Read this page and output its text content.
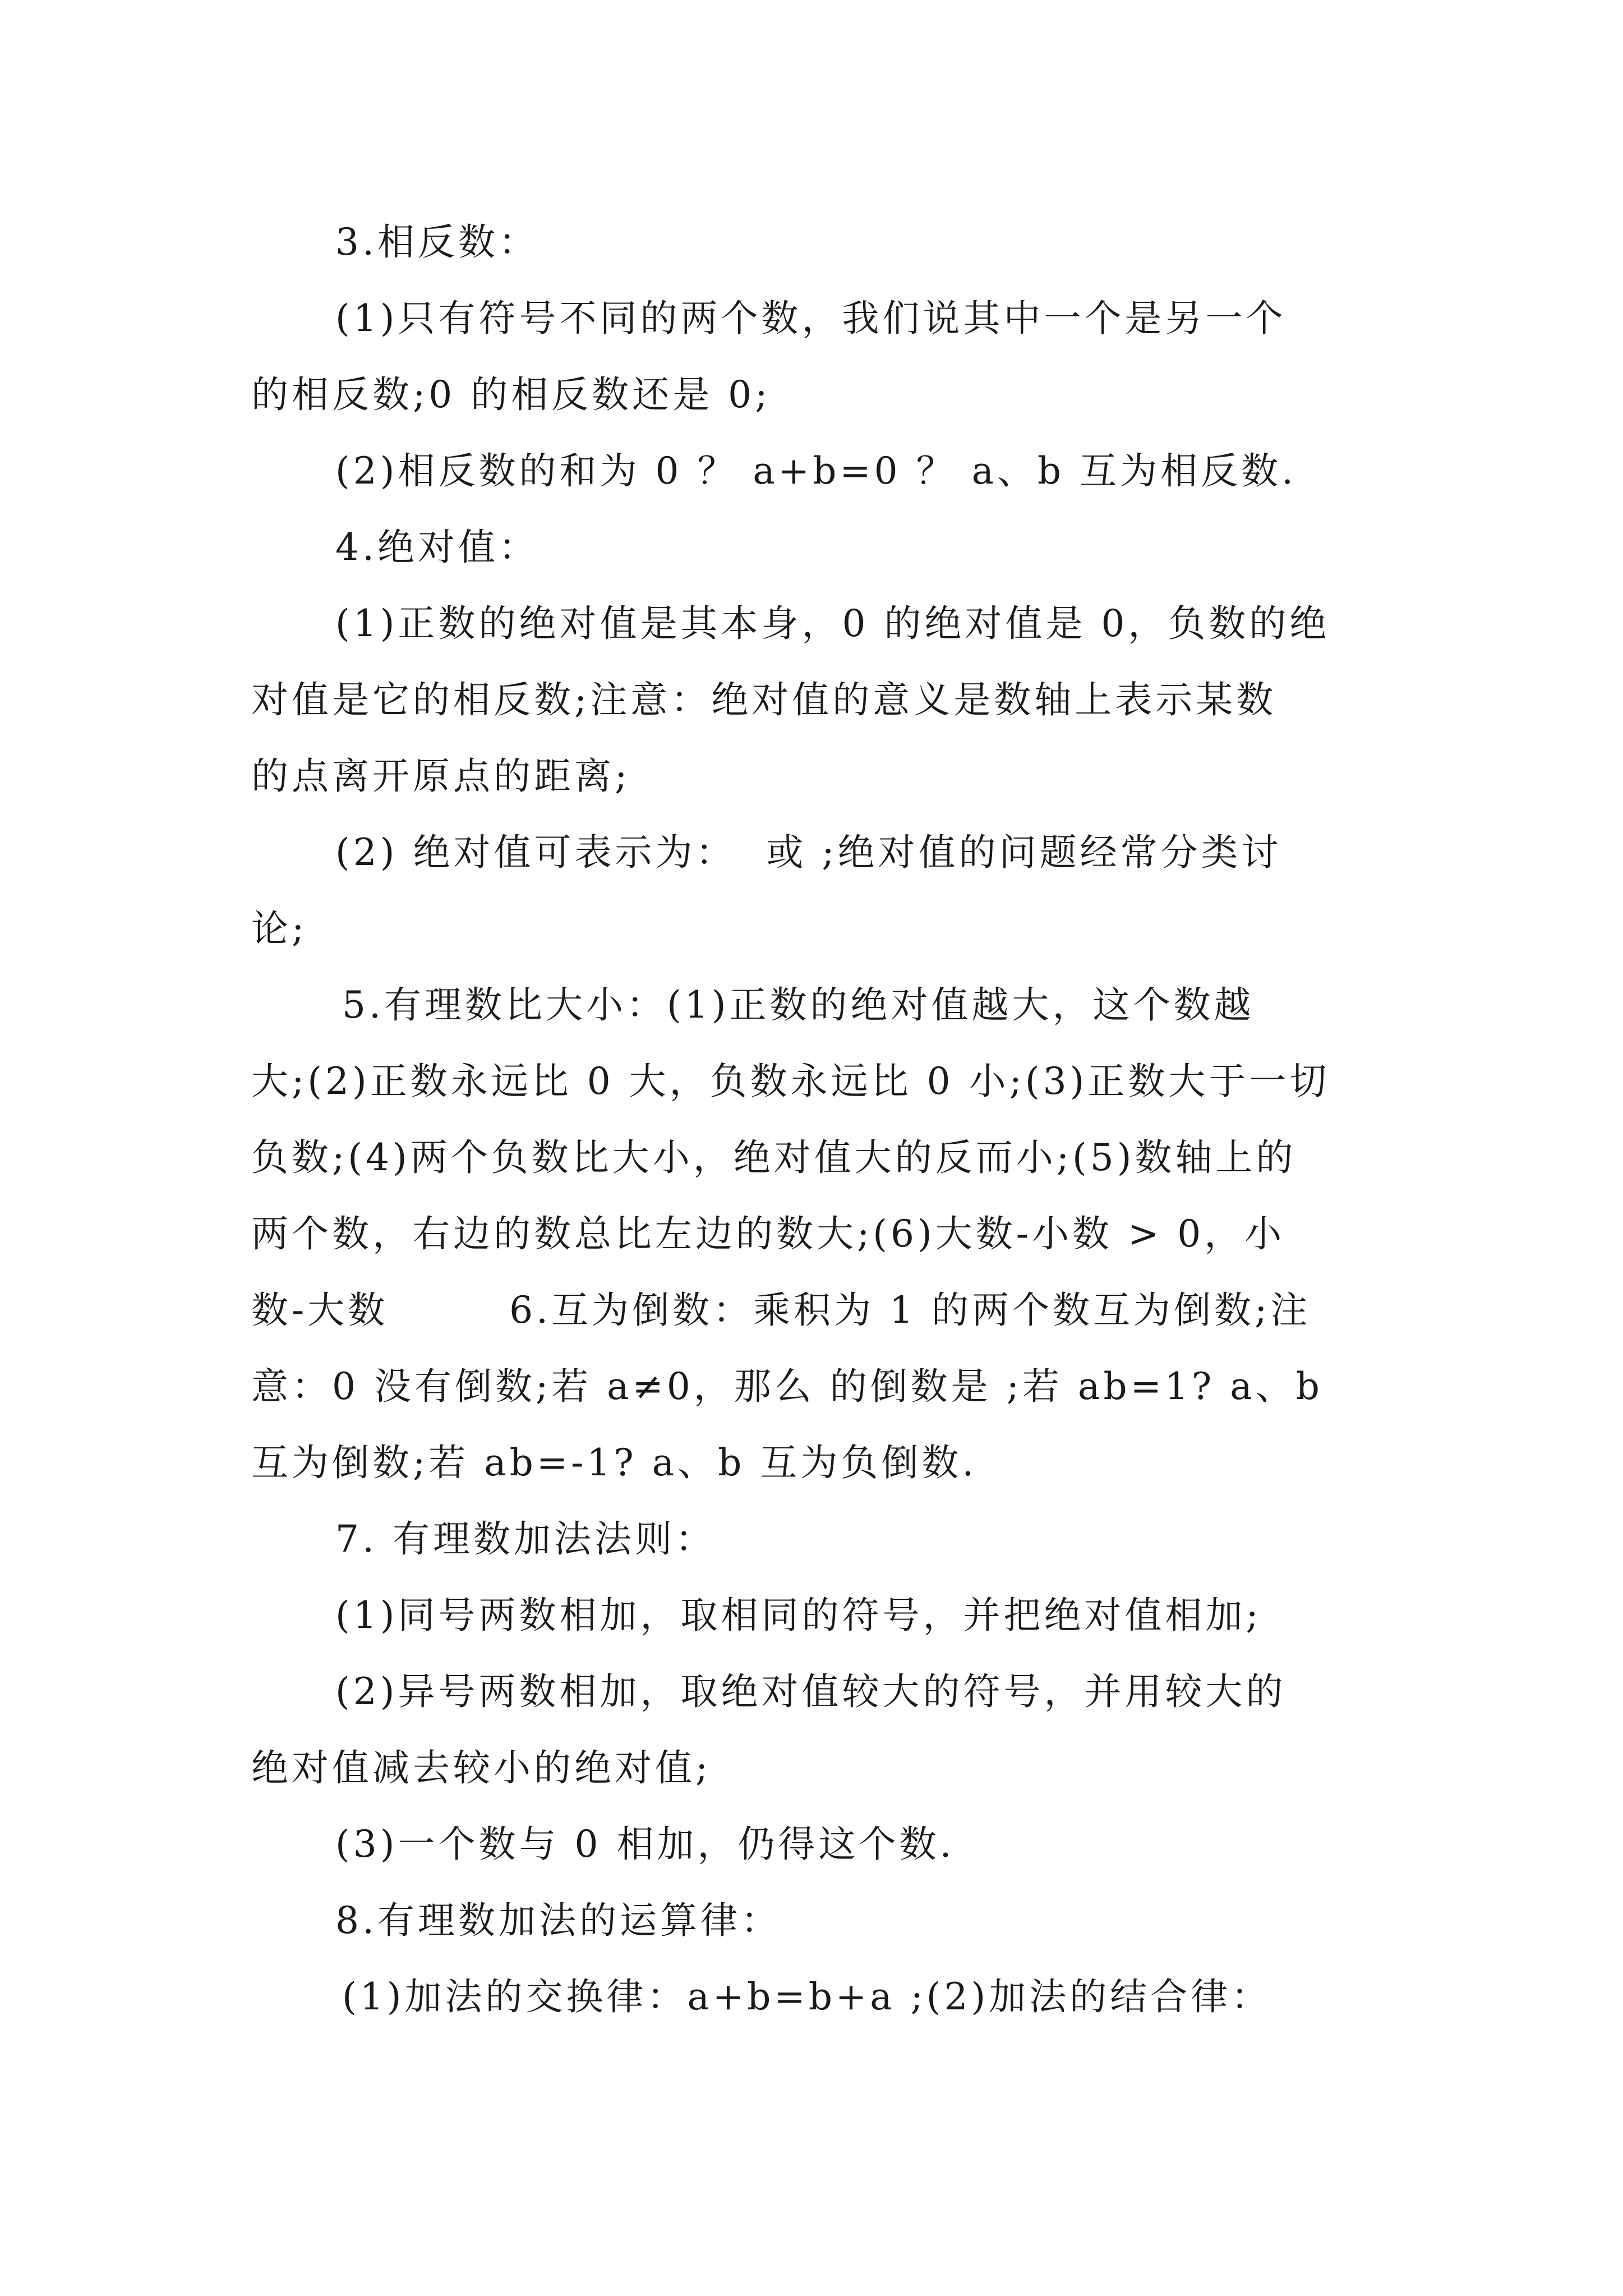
3.相反数：
(1)只有符号不同的两个数，我们说其中一个是另一个
的相反数;0 的相反数还是 0;
(2)相反数的和为 0 ？ a+b=0 ？ a、b 互为相反数.
4.绝对值：
(1)正数的绝对值是其本身，0 的绝对值是 0，负数的绝
对值是它的相反数;注意：绝对值的意义是数轴上表示某数
的点离开原点的距离;
(2) 绝对值可表示为：  或 ;绝对值的问题经常分类讨
论;
5.有理数比大小：(1)正数的绝对值越大，这个数越
大;(2)正数永远比 0 大，负数永远比 0 小;(3)正数大于一切
负数;(4)两个负数比大小，绝对值大的反而小;(5)数轴上的
两个数，右边的数总比左边的数大;(6)大数-小数 > 0，小
数-大数        6.互为倒数：乘积为 1 的两个数互为倒数;注
意：0 没有倒数;若 a≠0，那么 的倒数是 ;若 ab=1? a、b
互为倒数;若 ab=-1? a、b 互为负倒数.
7. 有理数加法法则：
(1)同号两数相加，取相同的符号，并把绝对值相加;
(2)异号两数相加，取绝对值较大的符号，并用较大的
绝对值减去较小的绝对值;
(3)一个数与 0 相加，仍得这个数.
8.有理数加法的运算律：
(1)加法的交换律：a+b=b+a ;(2)加法的结合律：
